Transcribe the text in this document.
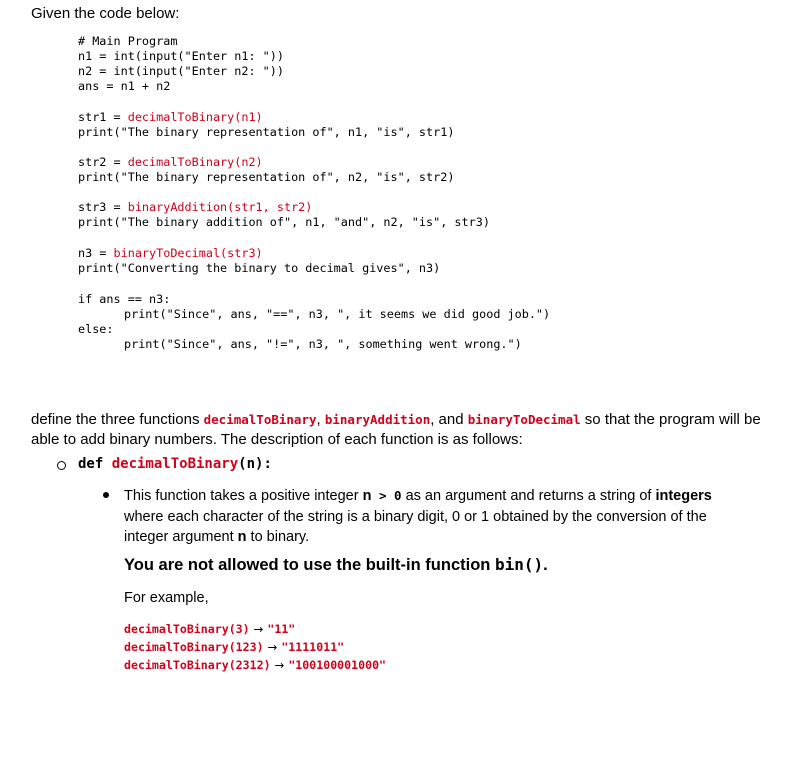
Given the code below:
# Main Program
n1 = int(input("Enter n1: "))
n2 = int(input("Enter n2: "))
ans = n1 + n2
str1 = decimalToBinary(n1)
print("The binary representation of", n1, "is", str1)
str2 = decimalToBinary(n2)
print("The binary representation of", n2, "is", str2)
str3 = binaryAddition(str1, str2)
print("The binary addition of", n1, "and", n2, "is", str3)
n3 = binaryToDecimal(str3)
print("Converting the binary to decimal gives", n3)
if ans == n3:
print("Since", ans, "==", n3, ", it seems we did good job.")
else:
print("Since", ans, "!=", n3, ", something went wrong.")
define the three functions decimalToBinary, binaryAddition, and binaryToDecimal so that the program will be able to add binary numbers. The description of each function is as follows:
def decimalToBinary(n):
This function takes a positive integer n > 0 as an argument and returns a string of integers where each character of the string is a binary digit, 0 or 1 obtained by the conversion of the integer argument n to binary.
You are not allowed to use the built-in function bin().
For example,
decimalToBinary(3) → "11"
decimalToBinary(123) → "1111011"
decimalToBinary(2312) → "100100001000"
